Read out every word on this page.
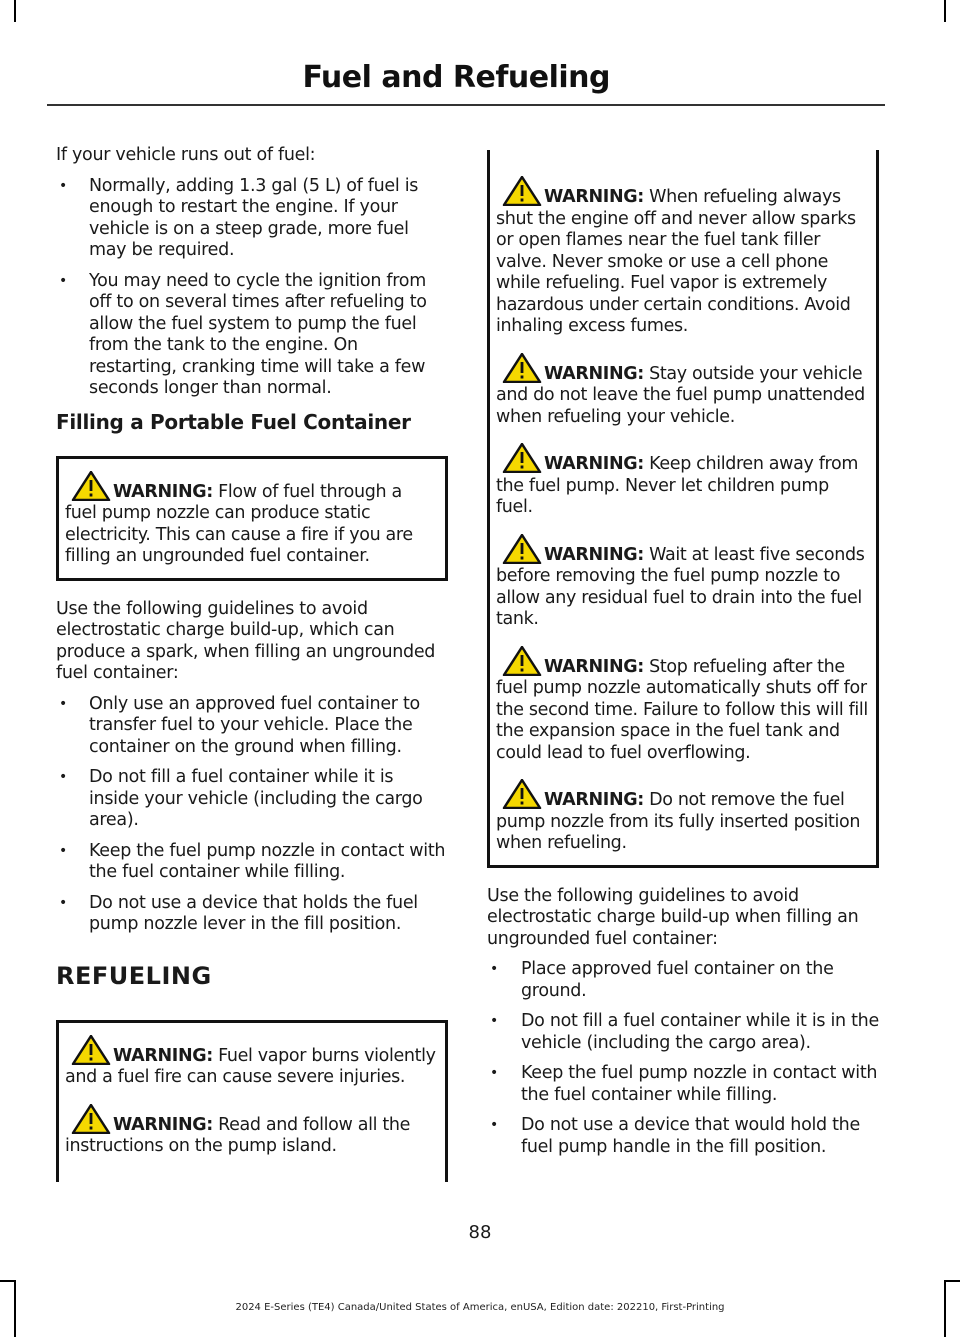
Fuel and Refueling

If your vehicle runs out of fuel:

• Normally, adding 1.3 gal (5 L) of fuel is enough to restart the engine. If your vehicle is on a steep grade, more fuel may be required.
• You may need to cycle the ignition from off to on several times after refueling to allow the fuel system to pump the fuel from the tank to the engine. On restarting, cranking time will take a few seconds longer than normal.
Filling a Portable Fuel Container

WARNING: Flow of fuel through a fuel pump nozzle can produce static electricity. This can cause a fire if you are filling an ungrounded fuel container.

Use the following guidelines to avoid electrostatic charge build-up, which can produce a spark, when filling an ungrounded fuel container:

• Only use an approved fuel container to transfer fuel to your vehicle. Place the container on the ground when filling.
• Do not fill a fuel container while it is inside your vehicle (including the cargo area).
• Keep the fuel pump nozzle in contact with the fuel container while filling.
• Do not use a device that holds the fuel pump nozzle lever in the fill position.
REFUELING

WARNING: Fuel vapor burns violently and a fuel fire can cause severe injuries.

WARNING: Read and follow all the instructions on the pump island.

WARNING: When refueling always shut the engine off and never allow sparks or open flames near the fuel tank filler valve. Never smoke or use a cell phone while refueling. Fuel vapor is extremely hazardous under certain conditions. Avoid inhaling excess fumes.

WARNING: Stay outside your vehicle and do not leave the fuel pump unattended when refueling your vehicle.

WARNING: Keep children away from the fuel pump. Never let children pump fuel.

WARNING: Wait at least five seconds before removing the fuel pump nozzle to allow any residual fuel to drain into the fuel tank.

WARNING: Stop refueling after the fuel pump nozzle automatically shuts off for the second time. Failure to follow this will fill the expansion space in the fuel tank and could lead to fuel overflowing.

WARNING: Do not remove the fuel pump nozzle from its fully inserted position when refueling.

Use the following guidelines to avoid electrostatic charge build-up when filling an ungrounded fuel container:

• Place approved fuel container on the ground.
• Do not fill a fuel container while it is in the vehicle (including the cargo area).
• Keep the fuel pump nozzle in contact with the fuel container while filling.
• Do not use a device that would hold the fuel pump handle in the fill position.
88
2024 E-Series (TE4) Canada/United States of America, enUSA, Edition date: 202210, First-Printing
